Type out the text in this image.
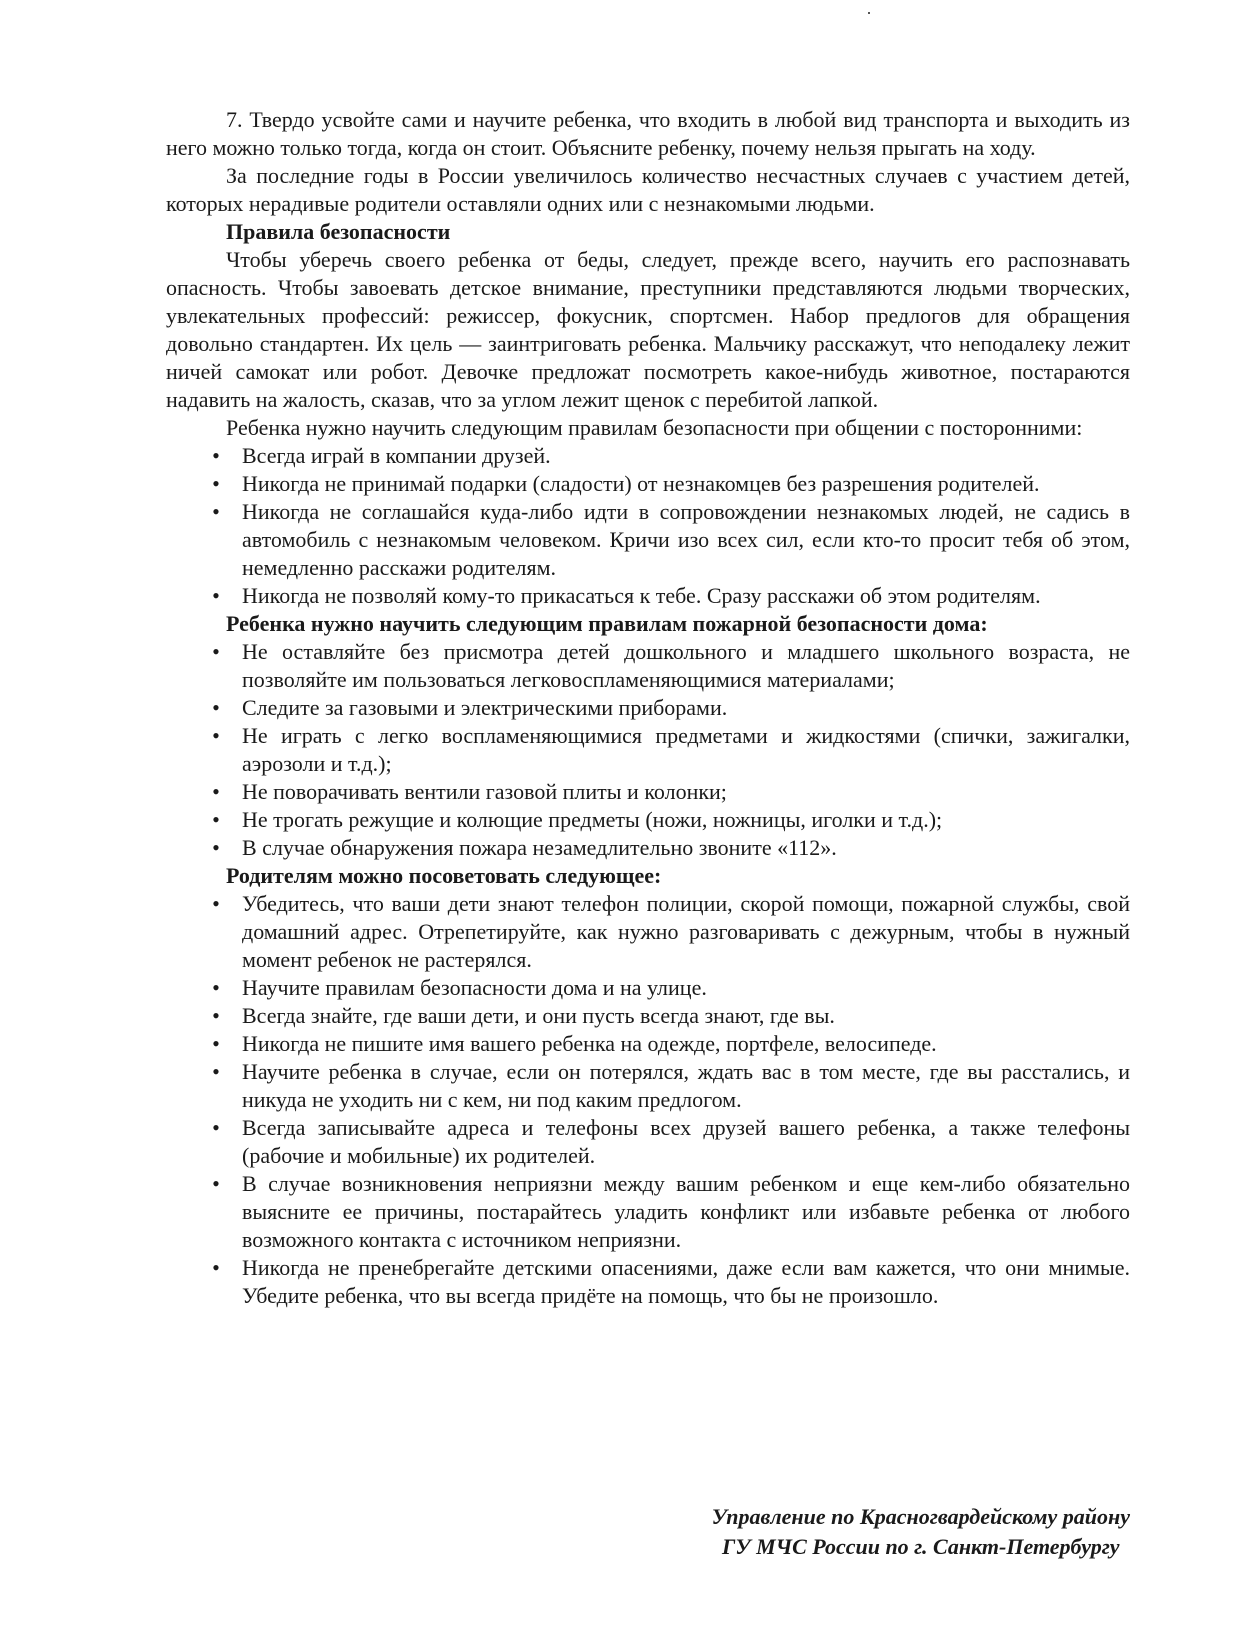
7. Твердо усвойте сами и научите ребенка, что входить в любой вид транспорта и выходить из него можно только тогда, когда он стоит. Объясните ребенку, почему нельзя прыгать на ходу.

За последние годы в России увеличилось количество несчастных случаев с участием детей, которых нерадивые родители оставляли одних или с незнакомыми людьми.

Правила безопасности

Чтобы уберечь своего ребенка от беды, следует, прежде всего, научить его распознавать опасность. Чтобы завоевать детское внимание, преступники представляются людьми творческих, увлекательных профессий: режиссер, фокусник, спортсмен. Набор предлогов для обращения довольно стандартен. Их цель — заинтриговать ребенка. Мальчику расскажут, что неподалеку лежит ничей самокат или робот. Девочке предложат посмотреть какое-нибудь животное, постараются надавить на жалость, сказав, что за углом лежит щенок с перебитой лапкой.

Ребенка нужно научить следующим правилам безопасности при общении с посторонними:

• Всегда играй в компании друзей.
• Никогда не принимай подарки (сладости) от незнакомцев без разрешения родителей.
• Никогда не соглашайся куда-либо идти в сопровождении незнакомых людей, не садись в автомобиль с незнакомым человеком. Кричи изо всех сил, если кто-то просит тебя об этом, немедленно расскажи родителям.
• Никогда не позволяй кому-то прикасаться к тебе. Сразу расскажи об этом родителям.

Ребенка нужно научить следующим правилам пожарной безопасности дома:

• Не оставляйте без присмотра детей дошкольного и младшего школьного возраста, не позволяйте им пользоваться легковоспламеняющимися материалами;
• Следите за газовыми и электрическими приборами.
• Не играть с легко воспламеняющимися предметами и жидкостями (спички, зажигалки, аэрозоли и т.д.);
• Не поворачивать вентили газовой плиты и колонки;
• Не трогать режущие и колющие предметы (ножи, ножницы, иголки и т.д.);
• В случае обнаружения пожара незамедлительно звоните «112».

Родителям можно посоветовать следующее:

• Убедитесь, что ваши дети знают телефон полиции, скорой помощи, пожарной службы, свой домашний адрес. Отрепетируйте, как нужно разговаривать с дежурным, чтобы в нужный момент ребенок не растерялся.
• Научите правилам безопасности дома и на улице.
• Всегда знайте, где ваши дети, и они пусть всегда знают, где вы.
• Никогда не пишите имя вашего ребенка на одежде, портфеле, велосипеде.
• Научите ребенка в случае, если он потерялся, ждать вас в том месте, где вы расстались, и никуда не уходить ни с кем, ни под каким предлогом.
• Всегда записывайте адреса и телефоны всех друзей вашего ребенка, а также телефоны (рабочие и мобильные) их родителей.
• В случае возникновения неприязни между вашим ребенком и еще кем-либо обязательно выясните ее причины, постарайтесь уладить конфликт или избавьте ребенка от любого возможного контакта с источником неприязни.
• Никогда не пренебрегайте детскими опасениями, даже если вам кажется, что они мнимые. Убедите ребенка, что вы всегда придёте на помощь, что бы не произошло.
Управление по Красногвардейскому району
ГУ МЧС России по г. Санкт-Петербургу
